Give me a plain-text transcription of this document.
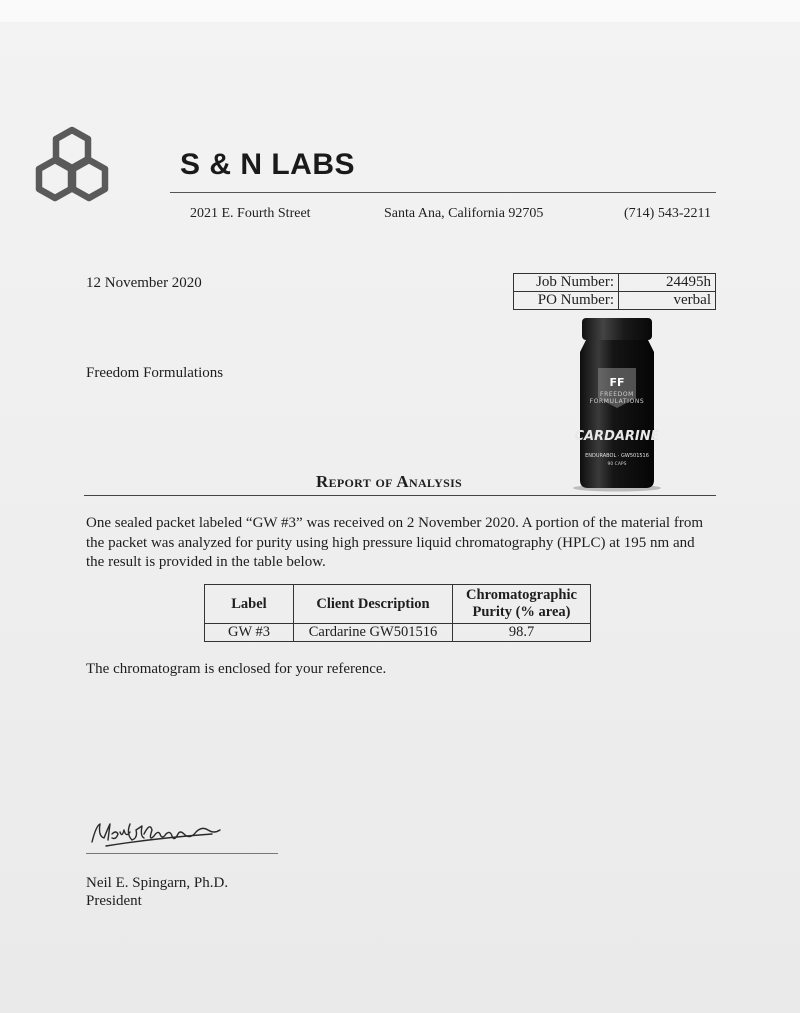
S & N LABS
2021 E. Fourth Street	Santa Ana, California 92705	(714) 543-2211
12 November 2020	Job Number:	24495h
PO Number:	verbal
Freedom Formulations
FF
FREEDOM
FORMULATIONS
CARDARINE
ENDURABOL · GW501516
90 CAPS
Report of Analysis

One sealed packet labeled “GW #3” was received on 2 November 2020. A portion of the material from the packet was analyzed for purity using high pressure liquid chromatography (HPLC) at 195 nm and the result is provided in the table below.

Label	Client Description	Chromatographic Purity (% area)
GW #3	Cardarine GW501516	98.7
The chromatogram is enclosed for your reference.
Neil E. Spingarn, Ph.D.
President
